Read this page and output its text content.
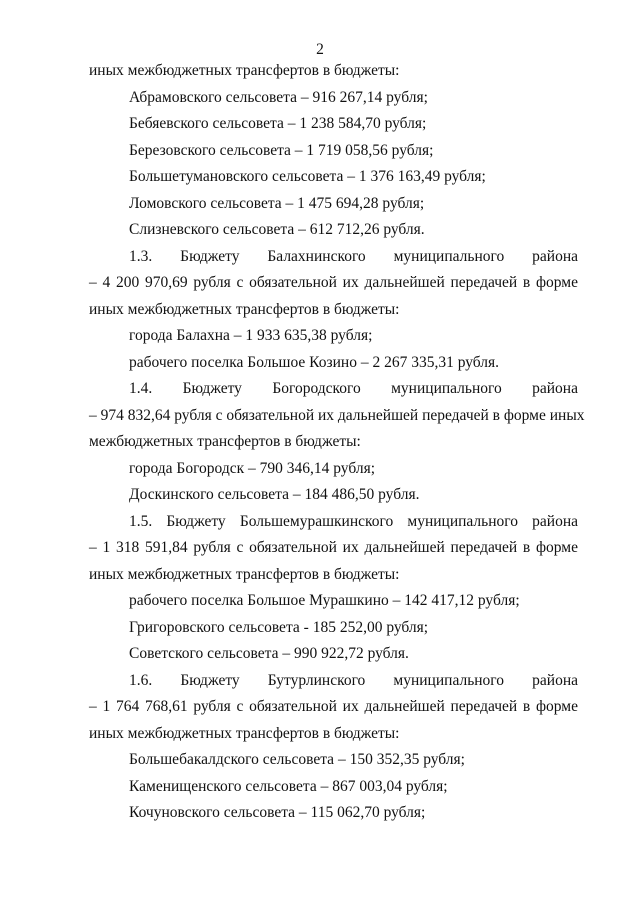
2
иных межбюджетных трансфертов в бюджеты:
Абрамовского сельсовета – 916 267,14 рубля;
Бебяевского сельсовета – 1 238 584,70 рубля;
Березовского сельсовета – 1 719 058,56 рубля;
Большетумановского сельсовета – 1 376 163,49 рубля;
Ломовского сельсовета – 1 475 694,28 рубля;
Слизневского сельсовета – 612 712,26 рубля.
1.3. Бюджету Балахнинского муниципального района
– 4 200 970,69 рубля с обязательной их дальнейшей передачей в форме
иных межбюджетных трансфертов в бюджеты:
города Балахна – 1 933 635,38 рубля;
рабочего поселка Большое Козино – 2 267 335,31 рубля.
1.4. Бюджету Богородского муниципального района
– 974 832,64 рубля с обязательной их дальнейшей передачей в форме иных
межбюджетных трансфертов в бюджеты:
города Богородск – 790 346,14 рубля;
Доскинского сельсовета – 184 486,50 рубля.
1.5. Бюджету Большемурашкинского муниципального района
– 1 318 591,84 рубля с обязательной их дальнейшей передачей в форме
иных межбюджетных трансфертов в бюджеты:
рабочего поселка Большое Мурашкино – 142 417,12 рубля;
Григоровского сельсовета - 185 252,00 рубля;
Советского сельсовета – 990 922,72 рубля.
1.6. Бюджету Бутурлинского муниципального района
– 1 764 768,61 рубля с обязательной их дальнейшей передачей в форме
иных межбюджетных трансфертов в бюджеты:
Большебакалдского сельсовета – 150 352,35 рубля;
Каменищенского сельсовета – 867 003,04 рубля;
Кочуновского сельсовета – 115 062,70 рубля;
